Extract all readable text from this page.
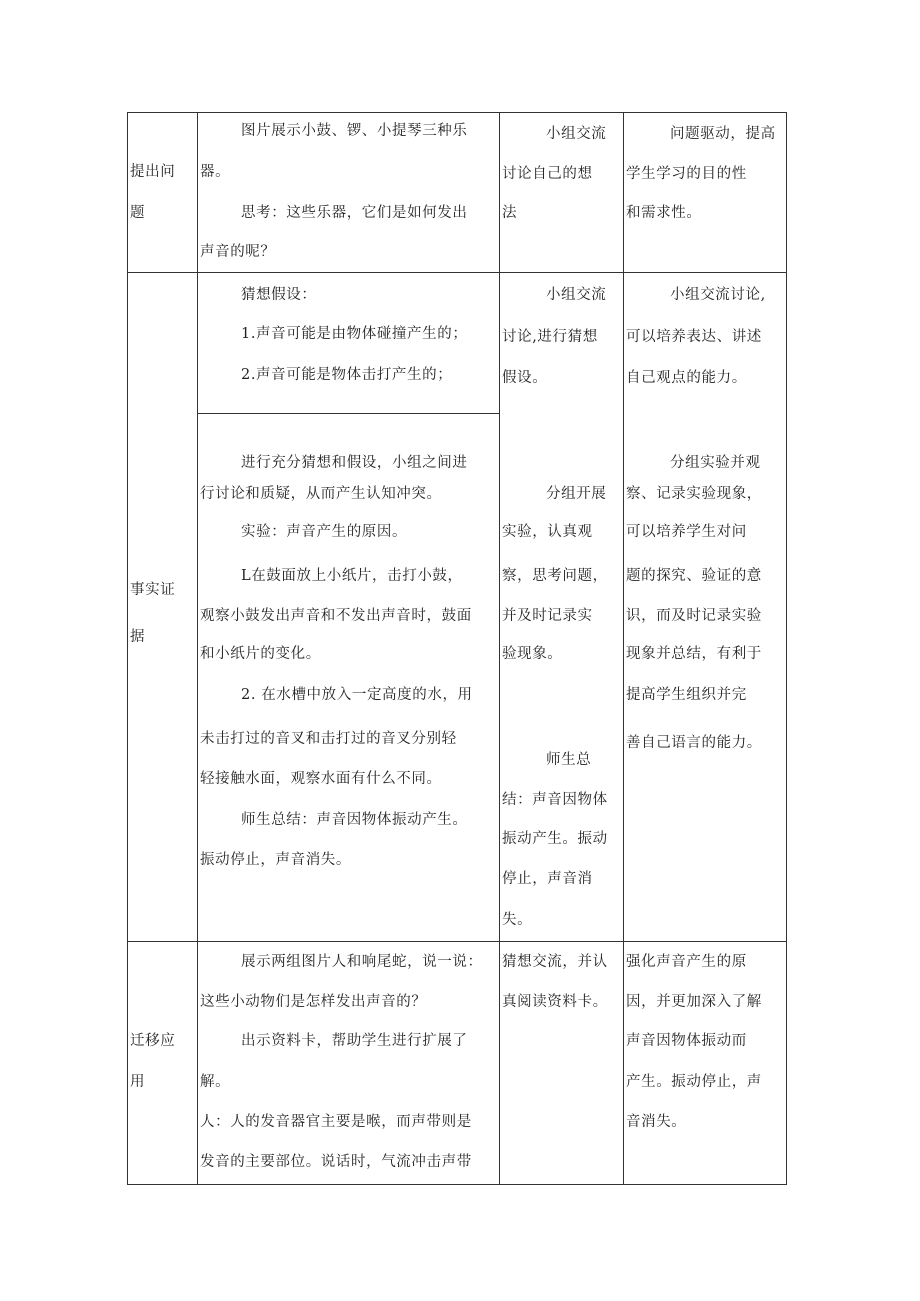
提出问
题
图片展示小鼓、锣、小提琴三种乐
器。
思考：这些乐器，它们是如何发出
声音的呢？
小组交流
讨论自己的想
法
问题驱动，提高
学生学习的目的性
和需求性。
事实证
据
猜想假设：
1.声音可能是由物体碰撞产生的；
2.声音可能是物体击打产生的；
进行充分猜想和假设，小组之间进
行讨论和质疑，从而产生认知冲突。
实验：声音产生的原因。
L在鼓面放上小纸片，击打小鼓，
观察小鼓发出声音和不发出声音时，鼓面
和小纸片的变化。
2. 在水槽中放入一定高度的水，用
未击打过的音叉和击打过的音叉分别轻
轻接触水面，观察水面有什么不同。
师生总结：声音因物体振动产生。
振动停止，声音消失。
小组交流
讨论,进行猜想
假设。
分组开展
实验，认真观
察，思考问题，
并及时记录实
验现象。
师生总
结：声音因物体
振动产生。振动
停止，声音消
失。
小组交流讨论,
可以培养表达、讲述
自己观点的能力。
分组实验并观
察、记录实验现象，
可以培养学生对问
题的探究、验证的意
识，而及时记录实验
现象并总结，有利于
提高学生组织并完
善自己语言的能力。
迁移应
用
展示两组图片人和响尾蛇，说一说：
这些小动物们是怎样发出声音的？
出示资料卡，帮助学生进行扩展了
解。
人：人的发音器官主要是喉，而声带则是
发音的主要部位。说话时，气流冲击声带
猜想交流，并认
真阅读资料卡。
强化声音产生的原
因，并更加深入了解
声音因物体振动而
产生。振动停止，声
音消失。
